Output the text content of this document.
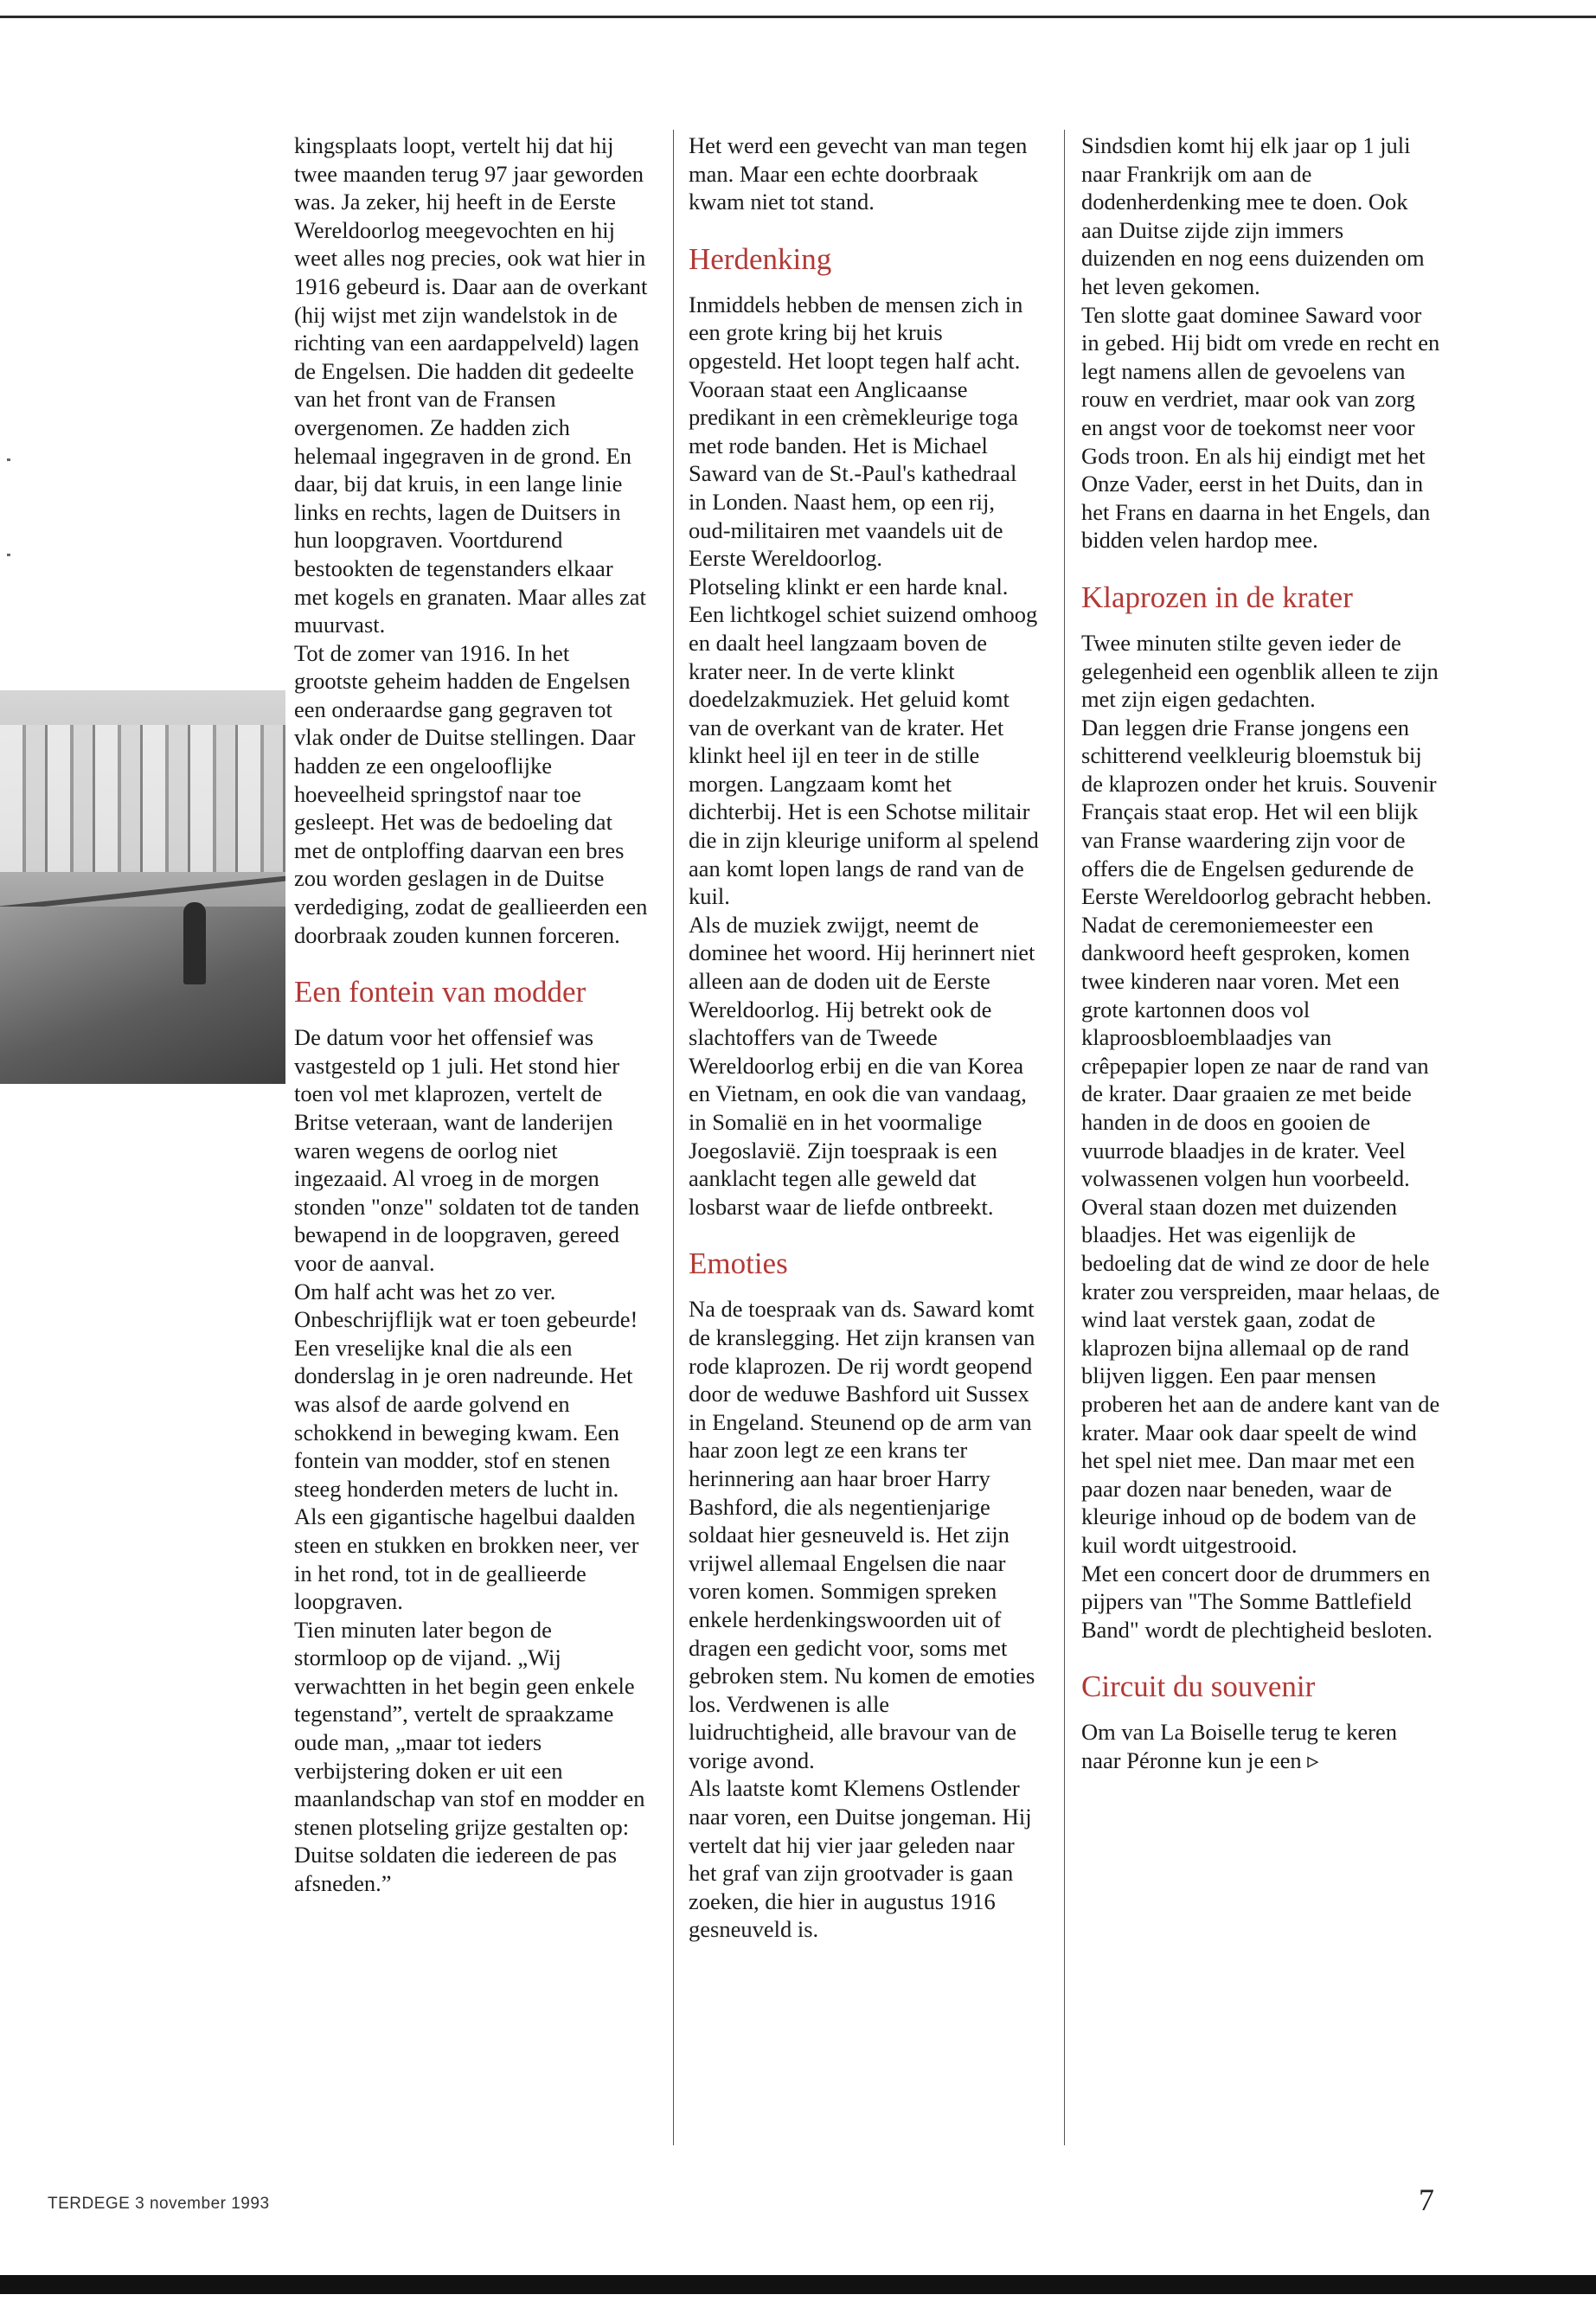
kingsplaats loopt, vertelt hij dat hij twee maanden terug 97 jaar geworden was. Ja zeker, hij heeft in de Eerste Wereldoorlog meegevochten en hij weet alles nog precies, ook wat hier in 1916 gebeurd is. Daar aan de overkant (hij wijst met zijn wandelstok in de richting van een aardappelveld) lagen de Engelsen. Die hadden dit gedeelte van het front van de Fransen overgenomen. Ze hadden zich helemaal ingegraven in de grond. En daar, bij dat kruis, in een lange linie links en rechts, lagen de Duitsers in hun loopgraven. Voortdurend bestookten de tegenstanders elkaar met kogels en granaten. Maar alles zat muurvast.

Tot de zomer van 1916. In het grootste geheim hadden de Engelsen een onderaardse gang gegraven tot vlak onder de Duitse stellingen. Daar hadden ze een ongelooflijke hoeveelheid springstof naar toe gesleept. Het was de bedoeling dat met de ontploffing daarvan een bres zou worden geslagen in de Duitse verdediging, zodat de geallieerden een doorbraak zouden kunnen forceren.

Een fontein van modder

De datum voor het offensief was vastgesteld op 1 juli. Het stond hier toen vol met klaprozen, vertelt de Britse veteraan, want de landerijen waren wegens de oorlog niet ingezaaid. Al vroeg in de morgen stonden "onze" soldaten tot de tanden bewapend in de loopgraven, gereed voor de aanval.

Om half acht was het zo ver. Onbeschrijflijk wat er toen gebeurde! Een vreselijke knal die als een donderslag in je oren nadreunde. Het was alsof de aarde golvend en schokkend in beweging kwam. Een fontein van modder, stof en stenen steeg honderden meters de lucht in. Als een gigantische hagelbui daalden steen en stukken en brokken neer, ver in het rond, tot in de geallieerde loopgraven.

Tien minuten later begon de stormloop op de vijand. „Wij verwachtten in het begin geen enkele tegenstand”, vertelt de spraakzame oude man, „maar tot ieders verbijstering doken er uit een maanlandschap van stof en modder en stenen plotseling grijze gestalten op: Duitse soldaten die iedereen de pas afsneden.”

Het werd een gevecht van man tegen man. Maar een echte doorbraak kwam niet tot stand.

Herdenking

Inmiddels hebben de mensen zich in een grote kring bij het kruis opgesteld. Het loopt tegen half acht. Vooraan staat een Anglicaanse predikant in een crèmekleurige toga met rode banden. Het is Michael Saward van de St.-Paul's kathedraal in Londen. Naast hem, op een rij, oud-militairen met vaandels uit de Eerste Wereldoorlog.

Plotseling klinkt er een harde knal. Een lichtkogel schiet suizend omhoog en daalt heel langzaam boven de krater neer. In de verte klinkt doedelzakmuziek. Het geluid komt van de overkant van de krater. Het klinkt heel ijl en teer in de stille morgen. Langzaam komt het dichterbij. Het is een Schotse militair die in zijn kleurige uniform al spelend aan komt lopen langs de rand van de kuil.

Als de muziek zwijgt, neemt de dominee het woord. Hij herinnert niet alleen aan de doden uit de Eerste Wereldoorlog. Hij betrekt ook de slachtoffers van de Tweede Wereldoorlog erbij en die van Korea en Vietnam, en ook die van vandaag, in Somalië en in het voormalige Joegoslavië. Zijn toespraak is een aanklacht tegen alle geweld dat losbarst waar de liefde ontbreekt.

Emoties

Na de toespraak van ds. Saward komt de kranslegging. Het zijn kransen van rode klaprozen. De rij wordt geopend door de weduwe Bashford uit Sussex in Engeland. Steunend op de arm van haar zoon legt ze een krans ter herinnering aan haar broer Harry Bashford, die als negentienjarige soldaat hier gesneuveld is. Het zijn vrijwel allemaal Engelsen die naar voren komen. Sommigen spreken enkele herdenkingswoorden uit of dragen een gedicht voor, soms met gebroken stem. Nu komen de emoties los. Verdwenen is alle luidruchtigheid, alle bravour van de vorige avond.

Als laatste komt Klemens Ostlender naar voren, een Duitse jongeman. Hij vertelt dat hij vier jaar geleden naar het graf van zijn grootvader is gaan zoeken, die hier in augustus 1916 gesneuveld is.

Sindsdien komt hij elk jaar op 1 juli naar Frankrijk om aan de dodenherdenking mee te doen. Ook aan Duitse zijde zijn immers duizenden en nog eens duizenden om het leven gekomen.

Ten slotte gaat dominee Saward voor in gebed. Hij bidt om vrede en recht en legt namens allen de gevoelens van rouw en verdriet, maar ook van zorg en angst voor de toekomst neer voor Gods troon. En als hij eindigt met het Onze Vader, eerst in het Duits, dan in het Frans en daarna in het Engels, dan bidden velen hardop mee.

Klaprozen in de krater

Twee minuten stilte geven ieder de gelegenheid een ogenblik alleen te zijn met zijn eigen gedachten.

Dan leggen drie Franse jongens een schitterend veelkleurig bloemstuk bij de klaprozen onder het kruis. Souvenir Français staat erop. Het wil een blijk van Franse waardering zijn voor de offers die de Engelsen gedurende de Eerste Wereldoorlog gebracht hebben.

Nadat de ceremoniemeester een dankwoord heeft gesproken, komen twee kinderen naar voren. Met een grote kartonnen doos vol klaproosbloemblaadjes van crêpepapier lopen ze naar de rand van de krater. Daar graaien ze met beide handen in de doos en gooien de vuurrode blaadjes in de krater. Veel volwassenen volgen hun voorbeeld. Overal staan dozen met duizenden blaadjes. Het was eigenlijk de bedoeling dat de wind ze door de hele krater zou verspreiden, maar helaas, de wind laat verstek gaan, zodat de klaprozen bijna allemaal op de rand blijven liggen. Een paar mensen proberen het aan de andere kant van de krater. Maar ook daar speelt de wind het spel niet mee. Dan maar met een paar dozen naar beneden, waar de kleurige inhoud op de bodem van de kuil wordt uitgestrooid.

Met een concert door de drummers en pijpers van "The Somme Battlefield Band" wordt de plechtigheid besloten.

Circuit du souvenir

Om van La Boiselle terug te keren naar Péronne kun je een ▹

TERDEGE 3 november 1993	7
